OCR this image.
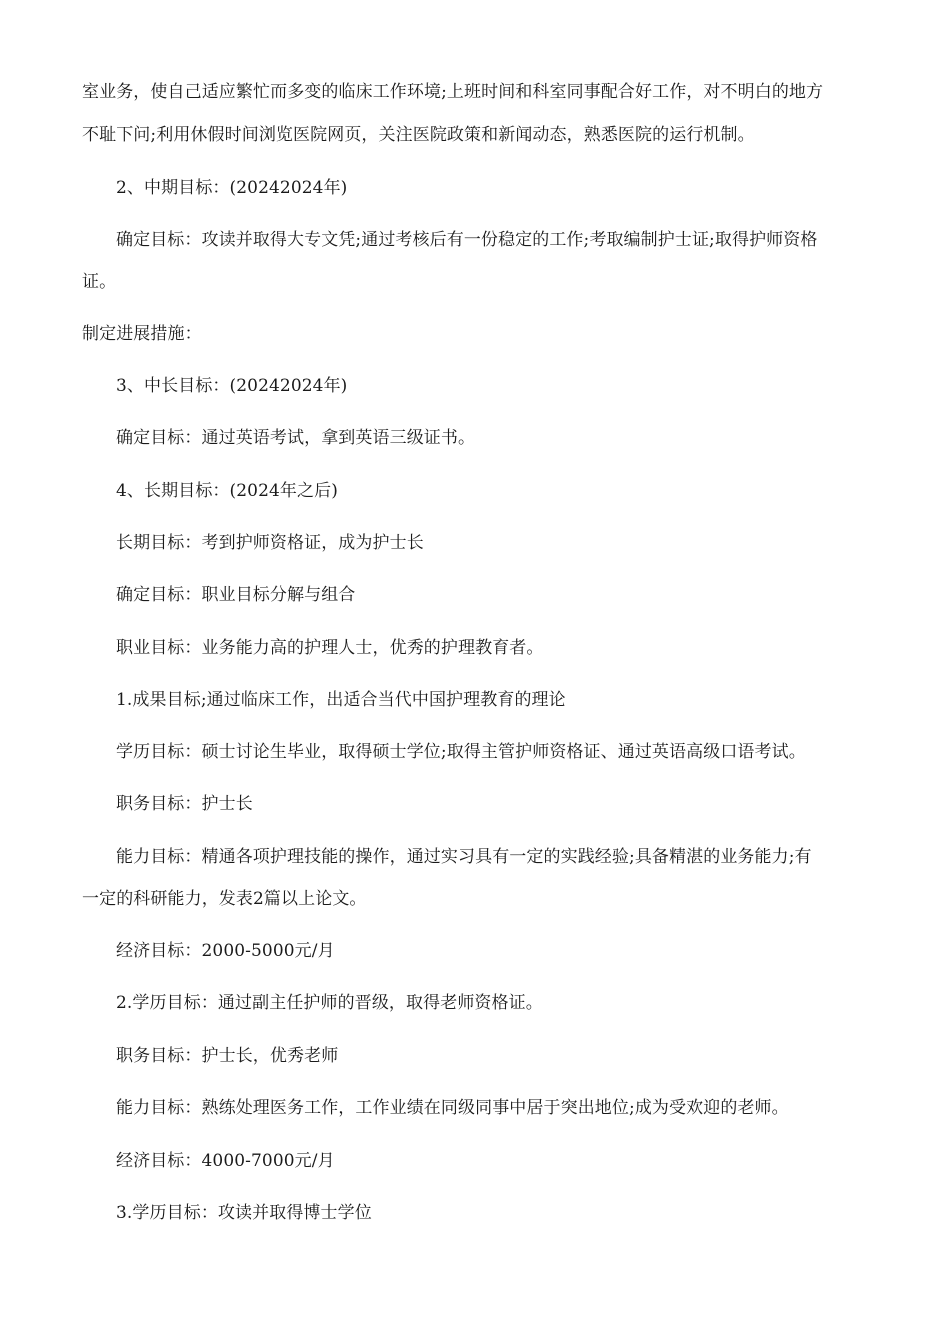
室业务，使自己适应繁忙而多变的临床工作环境;上班时间和科室同事配合好工作，对不明白的地方
不耻下问;利用休假时间浏览医院网页，关注医院政策和新闻动态，熟悉医院的运行机制。
2、中期目标：(20242024年)
确定目标：攻读并取得大专文凭;通过考核后有一份稳定的工作;考取编制护士证;取得护师资格
证。
制定进展措施：
3、中长目标：(20242024年)
确定目标：通过英语考试，拿到英语三级证书。
4、长期目标：(2024年之后)
长期目标：考到护师资格证，成为护士长
确定目标：职业目标分解与组合
职业目标：业务能力高的护理人士，优秀的护理教育者。
1.成果目标;通过临床工作，出适合当代中国护理教育的理论
学历目标：硕士讨论生毕业，取得硕士学位;取得主管护师资格证、通过英语高级口语考试。
职务目标：护士长
能力目标：精通各项护理技能的操作，通过实习具有一定的实践经验;具备精湛的业务能力;有
一定的科研能力，发表2篇以上论文。
经济目标：2000-5000元/月
2.学历目标：通过副主任护师的晋级，取得老师资格证。
职务目标：护士长，优秀老师
能力目标：熟练处理医务工作，工作业绩在同级同事中居于突出地位;成为受欢迎的老师。
经济目标：4000-7000元/月
3.学历目标：攻读并取得博士学位
